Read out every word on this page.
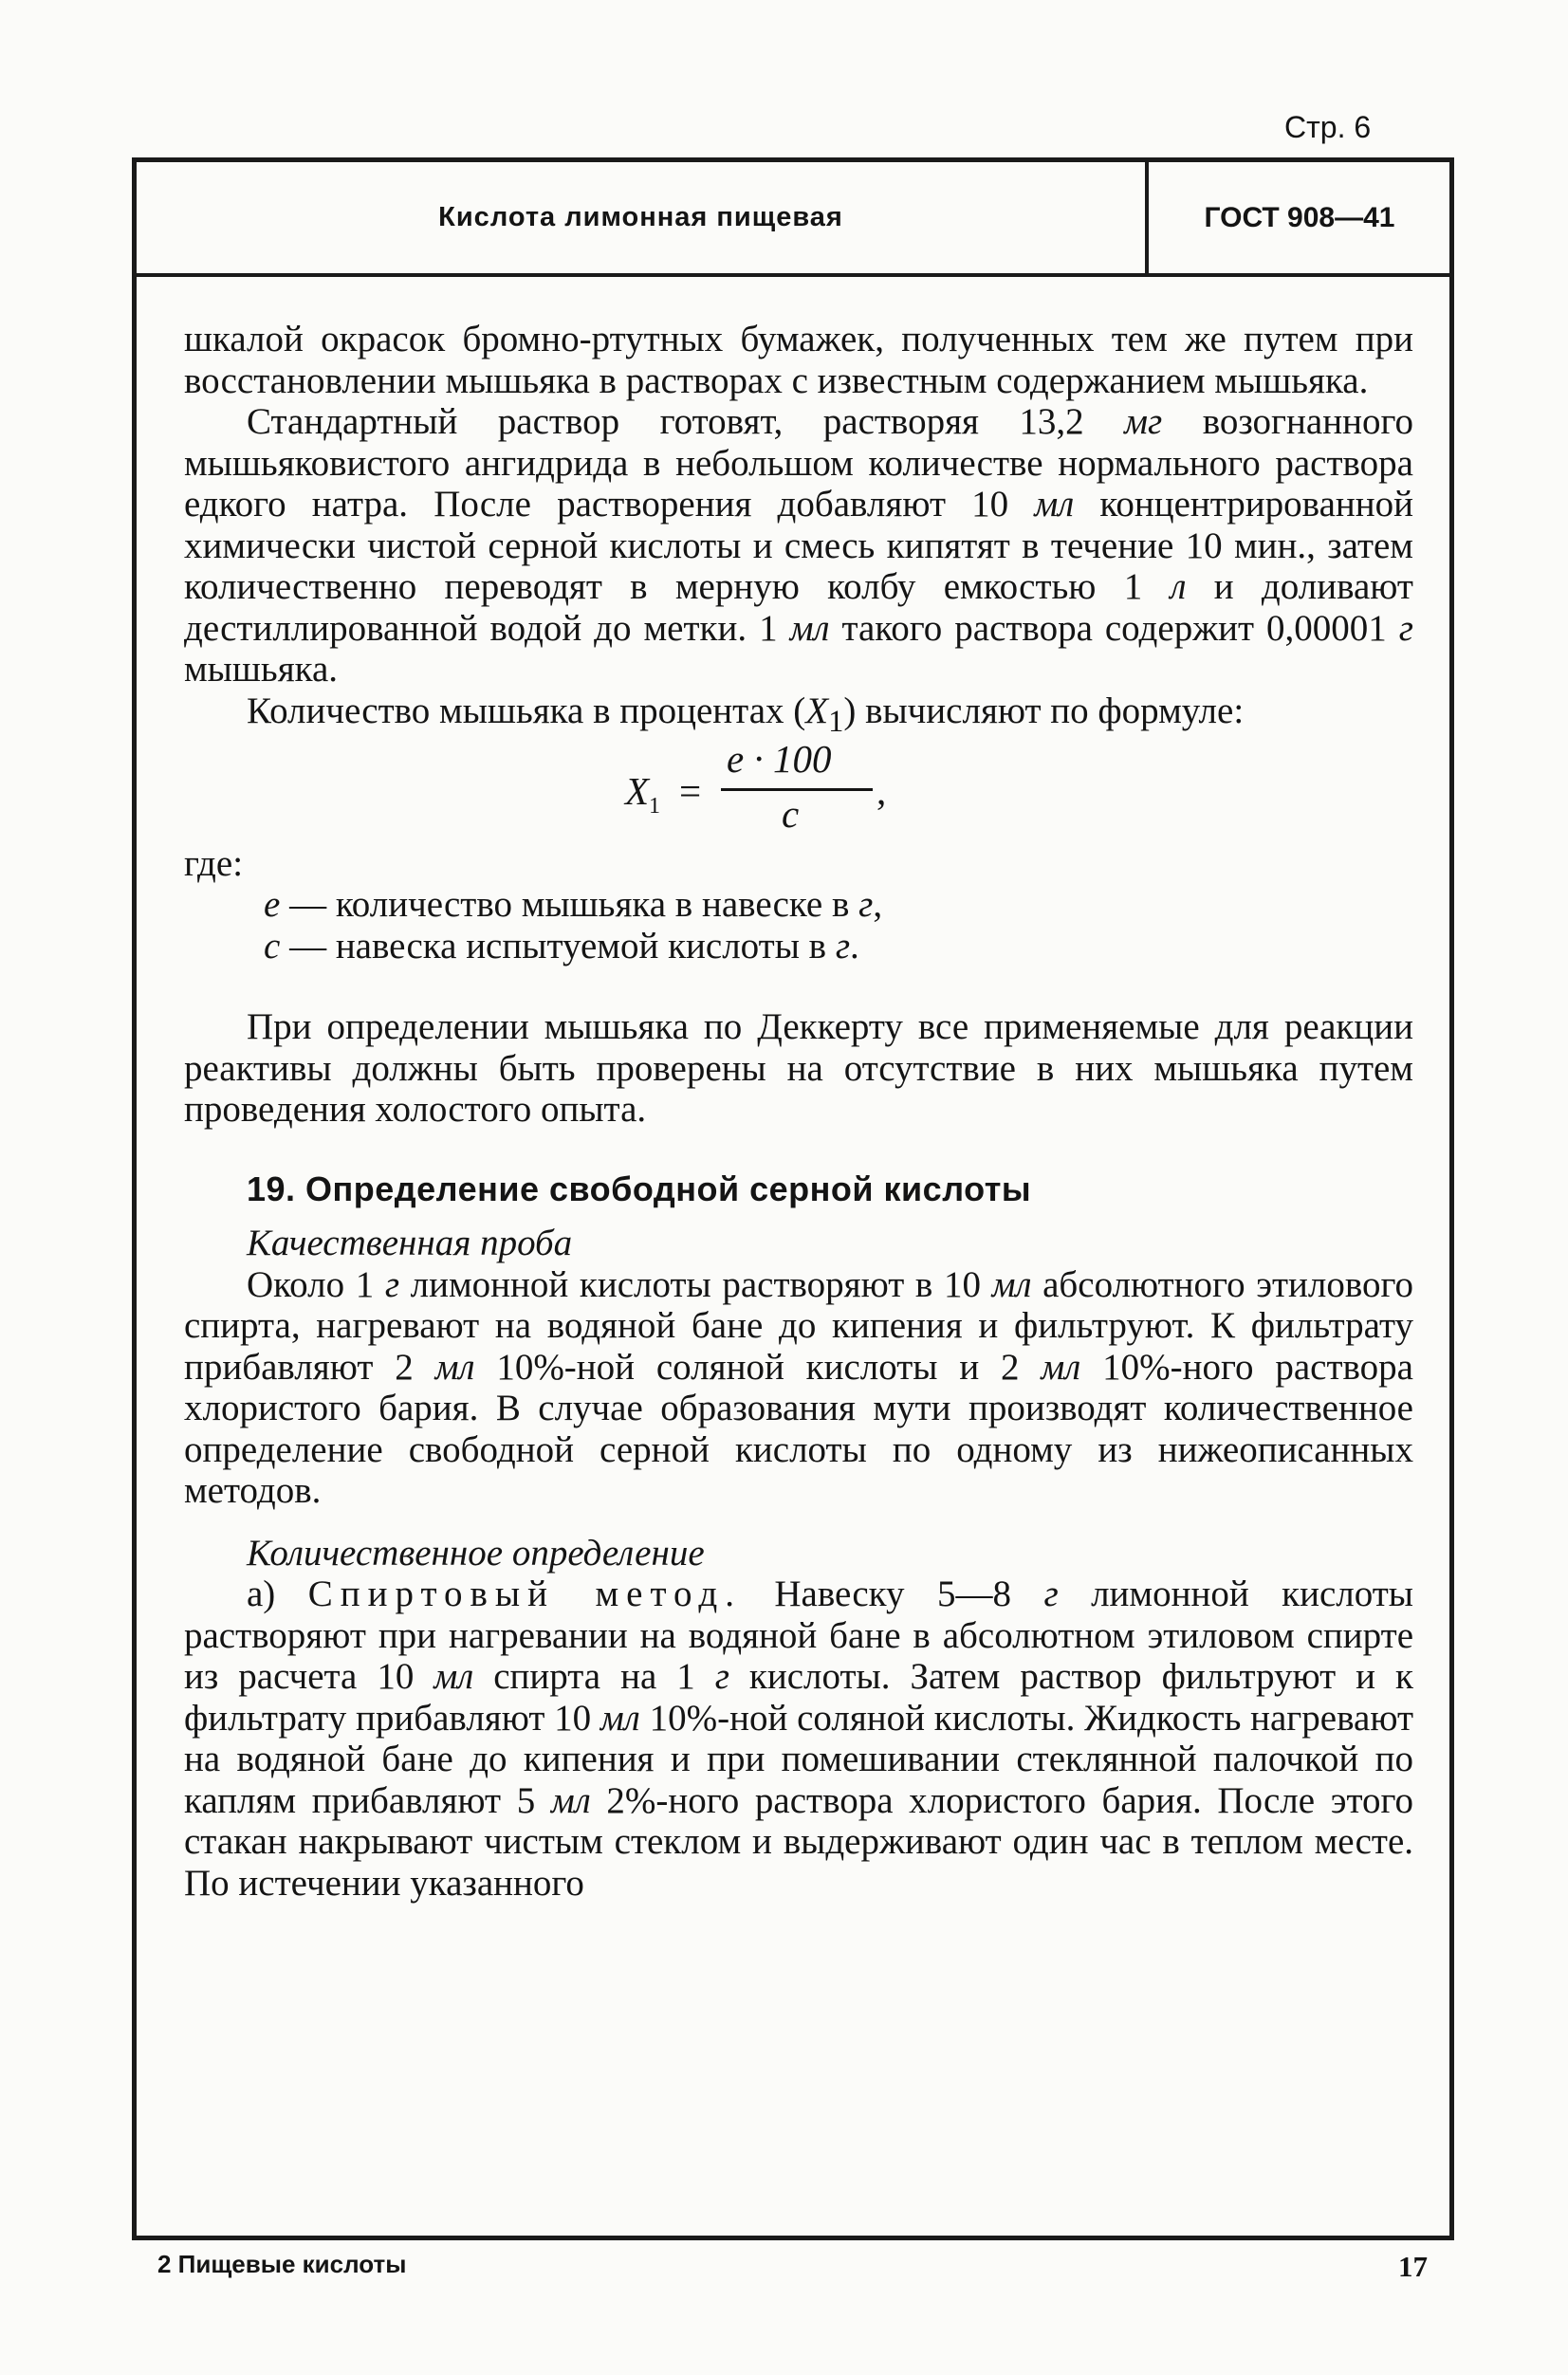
Стр. 6
Кислота лимонная пищевая	ГОСТ 908—41

шкалой окрасок бромно-ртутных бумажек, полученных тем же путем при восстановлении мышьяка в растворах с известным содержанием мышьяка.

Стандартный раствор готовят, растворяя 13,2 мг возогнанного мышьяковистого ангидрида в небольшом количестве нормального раствора едкого натра. После растворения добавляют 10 мл концентрированной химически чистой серной кислоты и смесь кипятят в течение 10 мин., затем количественно переводят в мерную колбу емкостью 1 л и доливают дестиллированной водой до метки. 1 мл такого раствора содержит 0,00001 г мышьяка.

Количество мышьяка в процентах $(X_1)$ вычисляют по формуле:

$X_1$ =
e · 100
c
,

где:

e — количество мышьяка в навеске в г,

c — навеска испытуемой кислоты в г.

При определении мышьяка по Деккерту все применяемые для реакции реактивы должны быть проверены на отсутствие в них мышьяка путем проведения холостого опыта.

19. Определение свободной серной кислоты

Качественная проба

Около 1 г лимонной кислоты растворяют в 10 мл абсолютного этилового спирта, нагревают на водяной бане до кипения и фильтруют. К фильтрату прибавляют 2 мл 10%-ной соляной кислоты и 2 мл 10%-ного раствора хлористого бария. В случае образования мути производят количественное определение свободной серной кислоты по одному из нижеописанных методов.

Количественное определение

а) Спиртовый метод. Навеску 5—8 г лимонной кислоты растворяют при нагревании на водяной бане в абсолютном этиловом спирте из расчета 10 мл спирта на 1 г кислоты. Затем раствор фильтруют и к фильтрату прибавляют 10 мл 10%-ной соляной кислоты. Жидкость нагревают на водяной бане до кипения и при помешивании стеклянной палочкой по каплям прибавляют 5 мл 2%-ного раствора хлористого бария. После этого стакан накрывают чистым стеклом и выдерживают один час в теплом месте. По истечении указанного

2 Пищевые кислоты	17
